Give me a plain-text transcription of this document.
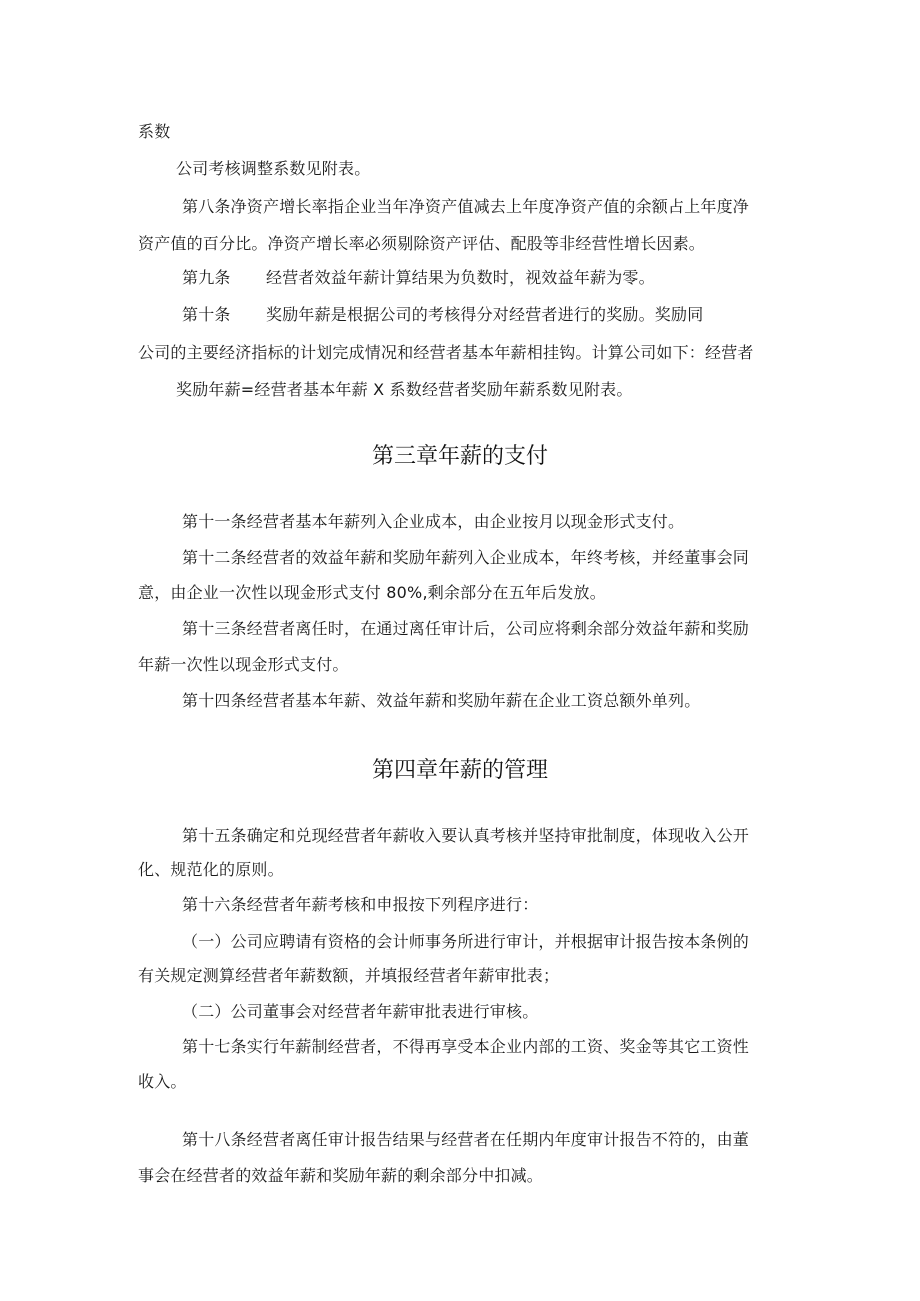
系数
公司考核调整系数见附表。
第八条净资产增长率指企业当年净资产值减去上年度净资产值的余额占上年度净
资产值的百分比。净资产增长率必须剔除资产评估、配股等非经营性增长因素。
第九条 经营者效益年薪计算结果为负数时，视效益年薪为零。
第十条 奖励年薪是根据公司的考核得分对经营者进行的奖励。奖励同
公司的主要经济指标的计划完成情况和经营者基本年薪相挂钩。计算公司如下：经营者
奖励年薪=经营者基本年薪 X 系数经营者奖励年薪系数见附表。
第三章年薪的支付
第十一条经营者基本年薪列入企业成本，由企业按月以现金形式支付。
第十二条经营者的效益年薪和奖励年薪列入企业成本，年终考核，并经董事会同
意，由企业一次性以现金形式支付 80%,剩余部分在五年后发放。
第十三条经营者离任时，在通过离任审计后，公司应将剩余部分效益年薪和奖励
年薪一次性以现金形式支付。
第十四条经营者基本年薪、效益年薪和奖励年薪在企业工资总额外单列。
第四章年薪的管理
第十五条确定和兑现经营者年薪收入要认真考核并坚持审批制度，体现收入公开
化、规范化的原则。
第十六条经营者年薪考核和申报按下列程序进行：
（一）公司应聘请有资格的会计师事务所进行审计，并根据审计报告按本条例的
有关规定测算经营者年薪数额，并填报经营者年薪审批表；
（二）公司董事会对经营者年薪审批表进行审核。
第十七条实行年薪制经营者，不得再享受本企业内部的工资、奖金等其它工资性
收入。
第十八条经营者离任审计报告结果与经营者在任期内年度审计报告不符的，由董
事会在经营者的效益年薪和奖励年薪的剩余部分中扣减。
